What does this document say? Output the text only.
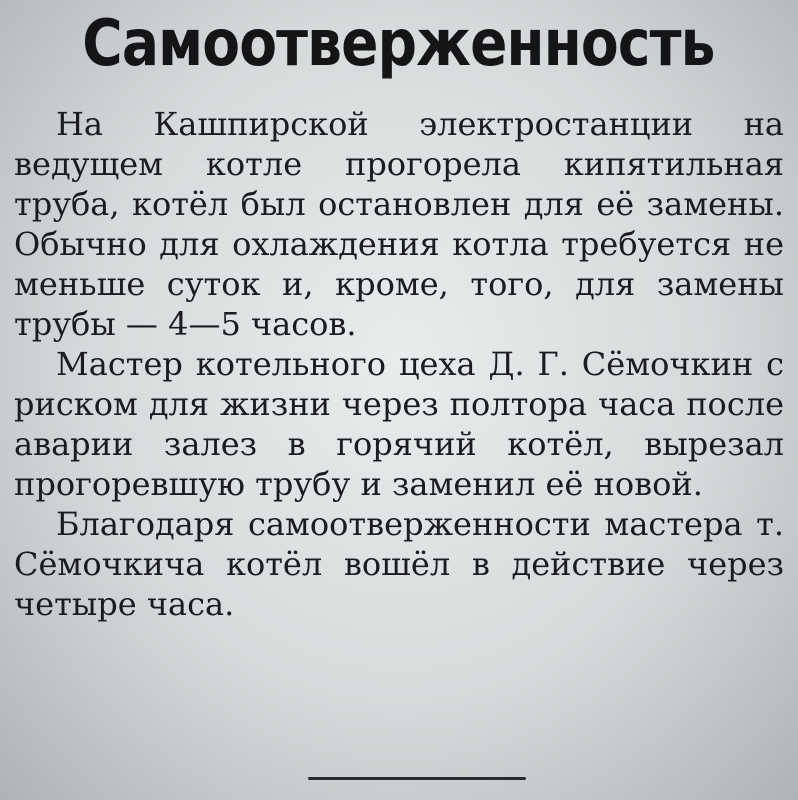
Самоотверженность

На Кашпирской электростанции на ведущем котле прогорела кипятильная труба, котёл был остановлен для её замены. Обычно для охлаждения котла требуется не меньше суток и, кроме, того, для замены трубы — 4—5 часов.

Мастер котельного цеха Д. Г. Сёмочкин с риском для жизни через полтора часа после аварии залез в горячий котёл, вырезал прогоревшую трубу и заменил её новой.

Благодаря самоотверженности мастера т. Сёмочкича котёл вошёл в действие через четыре часа.
